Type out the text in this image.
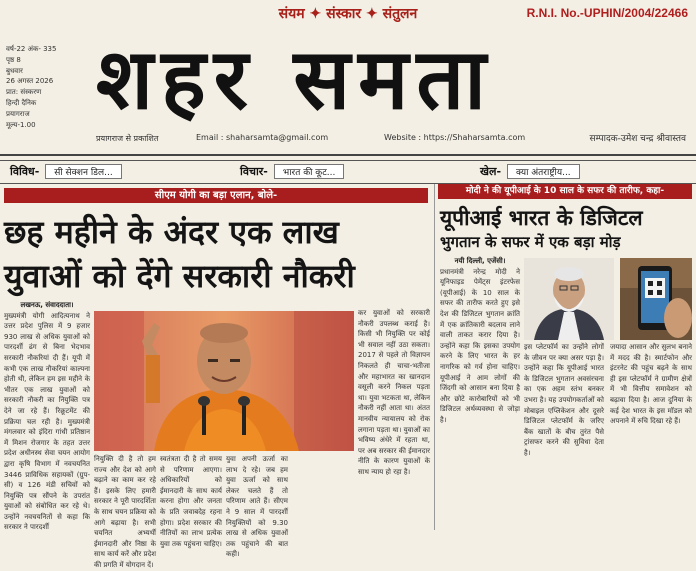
संयम ✦ संस्कार ✦ संतुलन	R.N.I. No.-UPHIN/2004/22466
वर्ष-22 अंक- 335
पृष्ठ 8
बुधवार
26 अगस्त 2026
प्रात: संस्करण
हिन्दी दैनिक
प्रयागराज
मूल्य-1.00 शहर समता
प्रयागराज से प्रकाशित	Email : shaharsamta@gmail.com	Website : https://Shaharsamta.com	सम्पादक-उमेश चन्द्र श्रीवास्तव
विविध- सी सेक्शन डिल...	विचार- भारत की कूट...	खेल- क्या अंतराष्ट्रीय...
सीएम योगी का बड़ा एलान, बोले-
छह महीने के अंदर एक लाख
युवाओं को देंगे सरकारी नौकरी
लखनऊ, संवाददाता।
मुख्यमंत्री योगी आदित्यनाथ ने उत्तर प्रदेश पुलिस में 9 हजार 930 लाख से अधिक युवाओं को पारदर्शी ढंग से बिना भेदभाव सरकारी नौकरियां दी हैं। यूपी में कभी एक लाख नौकरियां काल्पना होती थी, लेकिन हम इस महीने के भीतर एक लाख युवाओं को सरकारी नौकरी का नियुक्ति पत्र देने जा रहे हैं। रिक्रूटमेंट की प्रक्रिया चल रही है। मुख्यमंत्री मंगलवार को इंदिरा गांधी प्रतिष्ठान में मिशन रोजगार के तहत उत्तर प्रदेश अधीनस्थ सेवा चयन आयोग द्वारा कृषि विभाग में नवचयनित 3446 प्राविधिक सहायकों (ग्रुप-सी) व 126 मंडी सचिवों को नियुक्ति पत्र सौंपने के उपरांत युवाओं को संबोधित कर रहे थे। उन्होंने नवचयनितों से कहा कि सरकार ने पारदर्शी
नियुक्ति दी है तो हम राज्य और देश को आगे बढ़ाने का काम कर रहे हैं। इसके लिए हमारी सरकार ने पूरी पारदर्शिता के साथ चयन प्रक्रिया को आगे बढ़ाया है। सभी चयनित अभ्यर्थी ईमानदारी और निष्ठा के साथ कार्य करें और प्रदेश की प्रगति में योगदान दें।
स्वतंत्रता दी है तो समय से परिणाम आएगा। अधिकारियों को ईमानदारी के साथ कार्य करना होगा और जनता के प्रति जवाबदेह रहना होगा। प्रदेश सरकार की नीतियों का लाभ प्रत्येक युवा तक पहुंचना चाहिए।
युवा अपनी ऊर्जा का लाभ दे रहे। जब हम युवा ऊर्जा को साथ लेकर चलते हैं तो परिणाम आते हैं। सीएम ने 9 साल में पारदर्शी नियुक्तियों को 9.30 लाख से अधिक युवाओं तक पहुंचाने की बात कही।
कर युवाओं को सरकारी नौकरी उपलब्ध कराई है। किसी भी नियुक्ति पर कोई भी सवाल नहीं उठा सकता। 2017 से पहले तो विज्ञापन निकलते ही चाचा-भतीजा और महाभारत का खानदान वसूली करने निकल पड़ता था। युवा भटकता था, लेकिन नौकरी नहीं आता था। अंतत मानवीय न्यायालय को रोक लगाना पड़ता था। युवाओं का भविष्य अंधेरे में रहता था, पर अब सरकार की ईमानदार नीति के कारण युवाओं के साथ न्याय हो रहा है।
मोदी ने की यूपीआई के 10 साल के सफर की तारीफ, कहा-
यूपीआई भारत के डिजिटल
भुगतान के सफर में एक बड़ा मोड़
नयी दिल्ली, एजेंसी।
प्रधानमंत्री नरेन्द्र मोदी ने यूनिफाइड पेमेंट्स इंटरफेस (यूपीआई) के 10 साल के सफर की तारीफ करते हुए इसे देश की डिजिटल भुगतान क्रांति में एक क्रांतिकारी बदलाव लाने वाली ताकत करार दिया है। उन्होंने कहा कि इसका उपयोग करने के लिए भारत के हर नागरिक को गर्व होना चाहिए। यूपीआई ने आम लोगों की जिंदगी को आसान बना दिया है और छोटे कारोबारियों को भी डिजिटल अर्थव्यवस्था से जोड़ा है।
इस प्लेटफॉर्म का उन्होंने लोगों के जीवन पर क्या असर पड़ा है। उन्होंने कहा कि यूपीआई भारत के डिजिटल भुगतान अवसंरचना का एक अहम स्तंभ बनकर उभरा है। यह उपयोगकर्ताओं को मोबाइल एप्लिकेशन और दूसरे डिजिटल प्लेटफॉर्म के जरिए बैंक खातों के बीच तुरंत पैसे ट्रांसफर करने की सुविधा देता है।
जयादा आसान और सुलभ बनाने में मदद की है। स्मार्टफोन और इंटरनेट की पहुंच बढ़ने के साथ ही इस प्लेटफॉर्म ने ग्रामीण क्षेत्रों में भी वित्तीय समावेशन को बढ़ावा दिया है। आज दुनिया के कई देश भारत के इस मॉडल को अपनाने में रुचि दिखा रहे हैं।
